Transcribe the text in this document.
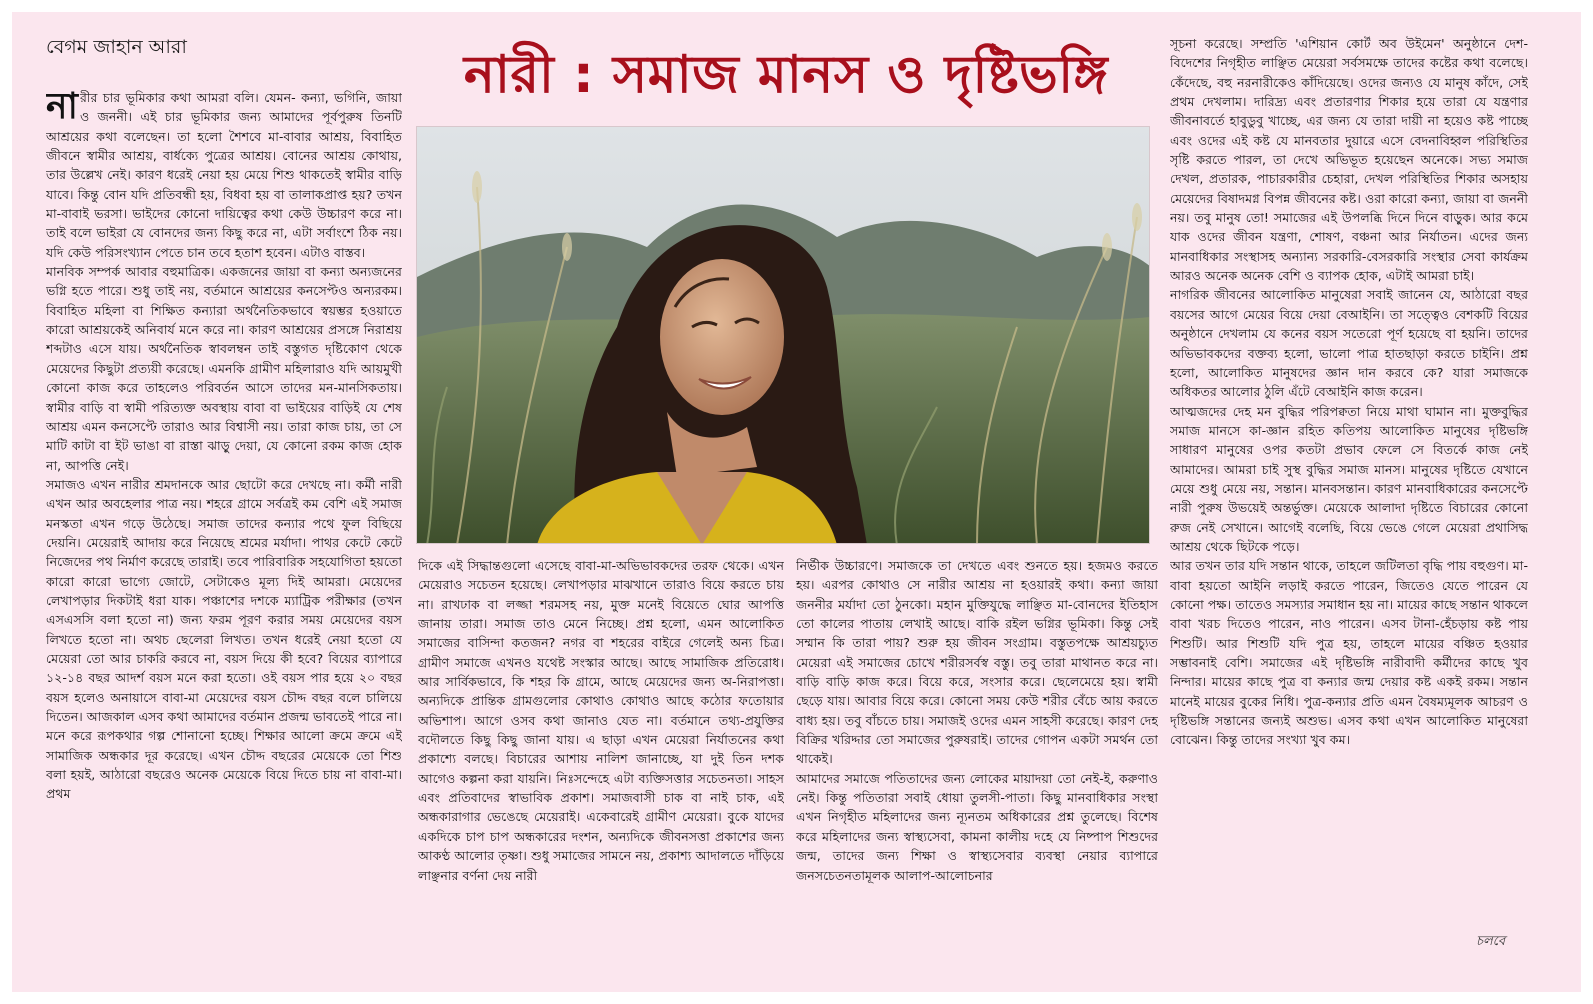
বেগম জাহান আরা	নারী : সমাজ মানস ও দৃষ্টিভঙ্গি

নারীর চার ভূমিকার কথা আমরা বলি। যেমন- কন্যা, ভগিনি, জায়া ও জননী। এই চার ভূমিকার জন্য আমাদের পূর্বপুরুষ তিনটি আশ্রয়ের কথা বলেছেন। তা হলো শৈশবে মা-বাবার আশ্রয়, বিবাহিত জীবনে স্বামীর আশ্রয়, বার্ধক্যে পুত্রের আশ্রয়। বোনের আশ্রয় কোথায়, তার উল্লেখ নেই। কারণ ধরেই নেয়া হয় মেয়ে শিশু থাকতেই স্বামীর বাড়ি যাবে। কিন্তু বোন যদি প্রতিবন্ধী হয়, বিধবা হয় বা তালাকপ্রাপ্ত হয়? তখন মা-বাবাই ভরসা। ভাইদের কোনো দায়িত্বের কথা কেউ উচ্চারণ করে না। তাই বলে ভাইরা যে বোনদের জন্য কিছু করে না, এটা সর্বাংশে ঠিক নয়। যদি কেউ পরিসংখ্যান পেতে চান তবে হতাশ হবেন। এটাও বাস্তব।

মানবিক সম্পর্ক আবার বহুমাত্রিক। একজনের জায়া বা কন্যা অন্যজনের ভগ্নি হতে পারে। শুধু তাই নয়, বর্তমানে আশ্রয়ের কনসেপ্টও অন্যরকম। বিবাহিত মহিলা বা শিক্ষিত কন্যারা অর্থনৈতিকভাবে স্বয়ম্ভর হওয়াতে কারো আশ্রয়কেই অনিবার্য মনে করে না। কারণ আশ্রয়ের প্রসঙ্গে নিরাশ্রয় শব্দটাও এসে যায়। অর্থনৈতিক স্বাবলম্বন তাই বস্তুগত দৃষ্টিকোণ থেকে মেয়েদের কিছুটা প্রত্যয়ী করেছে। এমনকি গ্রামীণ মহিলারাও যদি আয়মুখী কোনো কাজ করে তাহলেও পরিবর্তন আসে তাদের মন-মানসিকতায়। স্বামীর বাড়ি বা স্বামী পরিত্যক্ত অবস্থায় বাবা বা ভাইয়ের বাড়িই যে শেষ আশ্রয় এমন কনসেপ্টে তারাও আর বিশ্বাসী নয়। তারা কাজ চায়, তা সে মাটি কাটা বা ইট ভাঙা বা রাস্তা ঝাড়ু দেয়া, যে কোনো রকম কাজ হোক না, আপত্তি নেই।

সমাজও এখন নারীর শ্রমদানকে আর ছোটো করে দেখছে না। কর্মী নারী এখন আর অবহেলার পাত্র নয়। শহরে গ্রামে সর্বত্রই কম বেশি এই সমাজ মনস্কতা এখন গড়ে উঠেছে। সমাজ তাদের কন্যার পথে ফুল বিছিয়ে দেয়নি। মেয়েরাই আদায় করে নিয়েছে শ্রমের মর্যাদা। পাথর কেটে কেটে নিজেদের পথ নির্মাণ করেছে তারাই। তবে পারিবারিক সহযোগিতা হয়তো কারো কারো ভাগ্যে জোটে, সেটাকেও মূল্য দিই আমরা। মেয়েদের লেখাপড়ার দিকটাই ধরা যাক। পঞ্চাশের দশকে ম্যাট্রিক পরীক্ষার (তখন এসএসসি বলা হতো না) জন্য ফরম পূরণ করার সময় মেয়েদের বয়স লিখতে হতো না। অথচ ছেলেরা লিখত। তখন ধরেই নেয়া হতো যে মেয়েরা তো আর চাকরি করবে না, বয়স দিয়ে কী হবে? বিয়ের ব্যাপারে ১২-১৪ বছর আদর্শ বয়স মনে করা হতো। ওই বয়স পার হয়ে ২০ বছর বয়স হলেও অনায়াসে বাবা-মা মেয়েদের বয়স চৌদ্দ বছর বলে চালিয়ে দিতেন। আজকাল এসব কথা আমাদের বর্তমান প্রজন্ম ভাবতেই পারে না। মনে করে রূপকথার গল্প শোনানো হচ্ছে। শিক্ষার আলো ক্রমে ক্রমে এই সামাজিক অন্ধকার দূর করেছে। এখন চৌদ্দ বছরের মেয়েকে তো শিশু বলা হয়ই, আঠারো বছরেও অনেক মেয়েকে বিয়ে দিতে চায় না বাবা-মা। প্রথম

দিকে এই সিদ্ধান্তগুলো এসেছে বাবা-মা-অভিভাবকদের তরফ থেকে। এখন মেয়েরাও সচেতন হয়েছে। লেখাপড়ার মাঝখানে তারাও বিয়ে করতে চায় না। রাখঢাক বা লজ্জা শরমসহ নয়, মুক্ত মনেই বিয়েতে ঘোর আপত্তি জানায় তারা। সমাজ তাও মেনে নিচ্ছে। প্রশ্ন হলো, এমন আলোকিত সমাজের বাসিন্দা কতজন? নগর বা শহরের বাইরে গেলেই অন্য চিত্র। গ্রামীণ সমাজে এখনও যথেষ্ট সংস্কার আছে। আছে সামাজিক প্রতিরোধ। আর সার্বিকভাবে, কি শহর কি গ্রামে, আছে মেয়েদের জন্য অ-নিরাপত্তা। অন্যদিকে প্রান্তিক গ্রামগুলোর কোথাও কোথাও আছে কঠোর ফতোয়ার অভিশাপ। আগে ওসব কথা জানাও যেত না। বর্তমানে তথ্য-প্রযুক্তির বদৌলতে কিছু কিছু জানা যায়। এ ছাড়া এখন মেয়েরা নির্যাতনের কথা প্রকাশ্যে বলছে। বিচারের আশায় নালিশ জানাচ্ছে, যা দুই তিন দশক আগেও কল্পনা করা যায়নি। নিঃসন্দেহে এটা ব্যক্তিসত্তার সচেতনতা। সাহস এবং প্রতিবাদের স্বাভাবিক প্রকাশ। সমাজবাসী চাক বা নাই চাক, এই অন্ধকারাগার ভেঙেছে মেয়েরাই। একেবারেই গ্রামীণ মেয়েরা। বুকে যাদের একদিকে চাপ চাপ অন্ধকারের দংশন, অন্যদিকে জীবনসত্তা প্রকাশের জন্য আকণ্ঠ আলোর তৃষ্ণা। শুধু সমাজের সামনে নয়, প্রকাশ্য আদালতে দাঁড়িয়ে লাঞ্ছনার বর্ণনা দেয় নারী

নির্ভীক উচ্চারণে। সমাজকে তা দেখতে এবং শুনতে হয়। হজমও করতে হয়। এরপর কোথাও সে নারীর আশ্রয় না হওয়ারই কথা। কন্যা জায়া জননীর মর্যাদা তো ঠুনকো। মহান মুক্তিযুদ্ধে লাঞ্ছিত মা-বোনদের ইতিহাস তো কালের পাতায় লেখাই আছে। বাকি রইল ভগ্নির ভূমিকা। কিন্তু সেই সম্মান কি তারা পায়? শুরু হয় জীবন সংগ্রাম। বস্তুতপক্ষে আশ্রয়চ্যুত মেয়েরা এই সমাজের চোখে শরীরসর্বস্ব বস্তু। তবু তারা মাথানত করে না। বাড়ি বাড়ি কাজ করে। বিয়ে করে, সংসার করে। ছেলেমেয়ে হয়। স্বামী ছেড়ে যায়। আবার বিয়ে করে। কোনো সময় কেউ শরীর বেঁচে আয় করতে বাধ্য হয়। তবু বাঁচতে চায়। সমাজই ওদের এমন সাহসী করেছে। কারণ দেহ বিক্রির খরিদ্দার তো সমাজের পুরুষরাই। তাদের গোপন একটা সমর্থন তো থাকেই।

আমাদের সমাজে পতিতাদের জন্য লোকের মায়াদয়া তো নেই-ই, করুণাও নেই। কিন্তু পতিতারা সবাই ধোয়া তুলসী-পাতা। কিছু মানবাধিকার সংস্থা এখন নিগৃহীত মহিলাদের জন্য ন্যূনতম অধিকারের প্রশ্ন তুলেছে। বিশেষ করে মহিলাদের জন্য স্বাস্থ্যসেবা, কামনা কালীয় দহে যে নিষ্পাপ শিশুদের জন্ম, তাদের জন্য শিক্ষা ও স্বাস্থ্যসেবার ব্যবস্থা নেয়ার ব্যাপারে জনসচেতনতামূলক আলাপ-আলোচনার

সূচনা করেছে। সম্প্রতি 'এশিয়ান কোর্ট অব উইমেন' অনুষ্ঠানে দেশ-বিদেশের নিগৃহীত লাঞ্ছিত মেয়েরা সর্বসমক্ষে তাদের কষ্টের কথা বলেছে। কেঁদেছে, বহু নরনারীকেও কাঁদিয়েছে। ওদের জন্যও যে মানুষ কাঁদে, সেই প্রথম দেখলাম। দারিদ্র্য এবং প্রতারণার শিকার হয়ে তারা যে যন্ত্রণার জীবনাবর্তে হাবুডুবু খাচ্ছে, এর জন্য যে তারা দায়ী না হয়েও কষ্ট পাচ্ছে এবং ওদের এই কষ্ট যে মানবতার দুয়ারে এসে বেদনাবিহ্বল পরিস্থিতির সৃষ্টি করতে পারল, তা দেখে অভিভূত হয়েছেন অনেকে। সভ্য সমাজ দেখল, প্রতারক, পাচারকারীর চেহারা, দেখল পরিস্থিতির শিকার অসহায় মেয়েদের বিষাদমগ্ন বিপন্ন জীবনের কষ্ট। ওরা কারো কন্যা, জায়া বা জননী নয়। তবু মানুষ তো! সমাজের এই উপলব্ধি দিনে দিনে বাড়ুক। আর কমে যাক ওদের জীবন যন্ত্রণা, শোষণ, বঞ্চনা আর নির্যাতন। এদের জন্য মানবাধিকার সংস্থাসহ অন্যান্য সরকারি-বেসরকারি সংস্থার সেবা কার্যক্রম আরও অনেক অনেক বেশি ও ব্যাপক হোক, এটাই আমরা চাই।

নাগরিক জীবনের আলোকিত মানুষেরা সবাই জানেন যে, আঠারো বছর বয়সের আগে মেয়ের বিয়ে দেয়া বেআইনি। তা সত্ত্বেও বেশকটি বিয়ের অনুষ্ঠানে দেখলাম যে কনের বয়স সতেরো পূর্ণ হয়েছে বা হয়নি। তাদের অভিভাবকদের বক্তব্য হলো, ভালো পাত্র হাতছাড়া করতে চাইনি। প্রশ্ন হলো, আলোকিত মানুষদের জ্ঞান দান করবে কে? যারা সমাজকে অধিকতর আলোর ঠুলি এঁটে বেআইনি কাজ করেন।

আত্মজদের দেহ মন বুদ্ধির পরিপক্বতা নিয়ে মাথা ঘামান না। মুক্তবুদ্ধির সমাজ মানসে কা-জ্ঞান রহিত কতিপয় আলোকিত মানুষের দৃষ্টিভঙ্গি সাধারণ মানুষের ওপর কতটা প্রভাব ফেলে সে বিতর্কে কাজ নেই আমাদের। আমরা চাই সুস্থ বুদ্ধির সমাজ মানস। মানুষের দৃষ্টিতে যেখানে মেয়ে শুধু মেয়ে নয়, সন্তান। মানবসন্তান। কারণ মানবাধিকারের কনসেপ্টে নারী পুরুষ উভয়েই অন্তর্ভুক্ত। মেয়েকে আলাদা দৃষ্টিতে বিচারের কোনো রুজ নেই সেখানে। আগেই বলেছি, বিয়ে ভেঙে গেলে মেয়েরা প্রথাসিদ্ধ আশ্রয় থেকে ছিটকে পড়ে।

আর তখন তার যদি সন্তান থাকে, তাহলে জটিলতা বৃদ্ধি পায় বহুগুণ। মা-বাবা হয়তো আইনি লড়াই করতে পারেন, জিতেও যেতে পারেন যে কোনো পক্ষ। তাতেও সমস্যার সমাধান হয় না। মায়ের কাছে সন্তান থাকলে বাবা খরচ দিতেও পারেন, নাও পারেন। এসব টানা-হেঁচড়ায় কষ্ট পায় শিশুটি। আর শিশুটি যদি পুত্র হয়, তাহলে মায়ের বঞ্চিত হওয়ার সম্ভাবনাই বেশি। সমাজের এই দৃষ্টিভঙ্গি নারীবাদী কর্মীদের কাছে খুব নিন্দার। মায়ের কাছে পুত্র বা কন্যার জন্ম দেয়ার কষ্ট একই রকম। সন্তান মানেই মায়ের বুকের নিধি। পুত্র-কন্যার প্রতি এমন বৈষম্যমূলক আচরণ ও দৃষ্টিভঙ্গি সন্তানের জন্যই অশুভ। এসব কথা এখন আলোকিত মানুষেরা বোঝেন। কিন্তু তাদের সংখ্যা খুব কম।

চলবে
